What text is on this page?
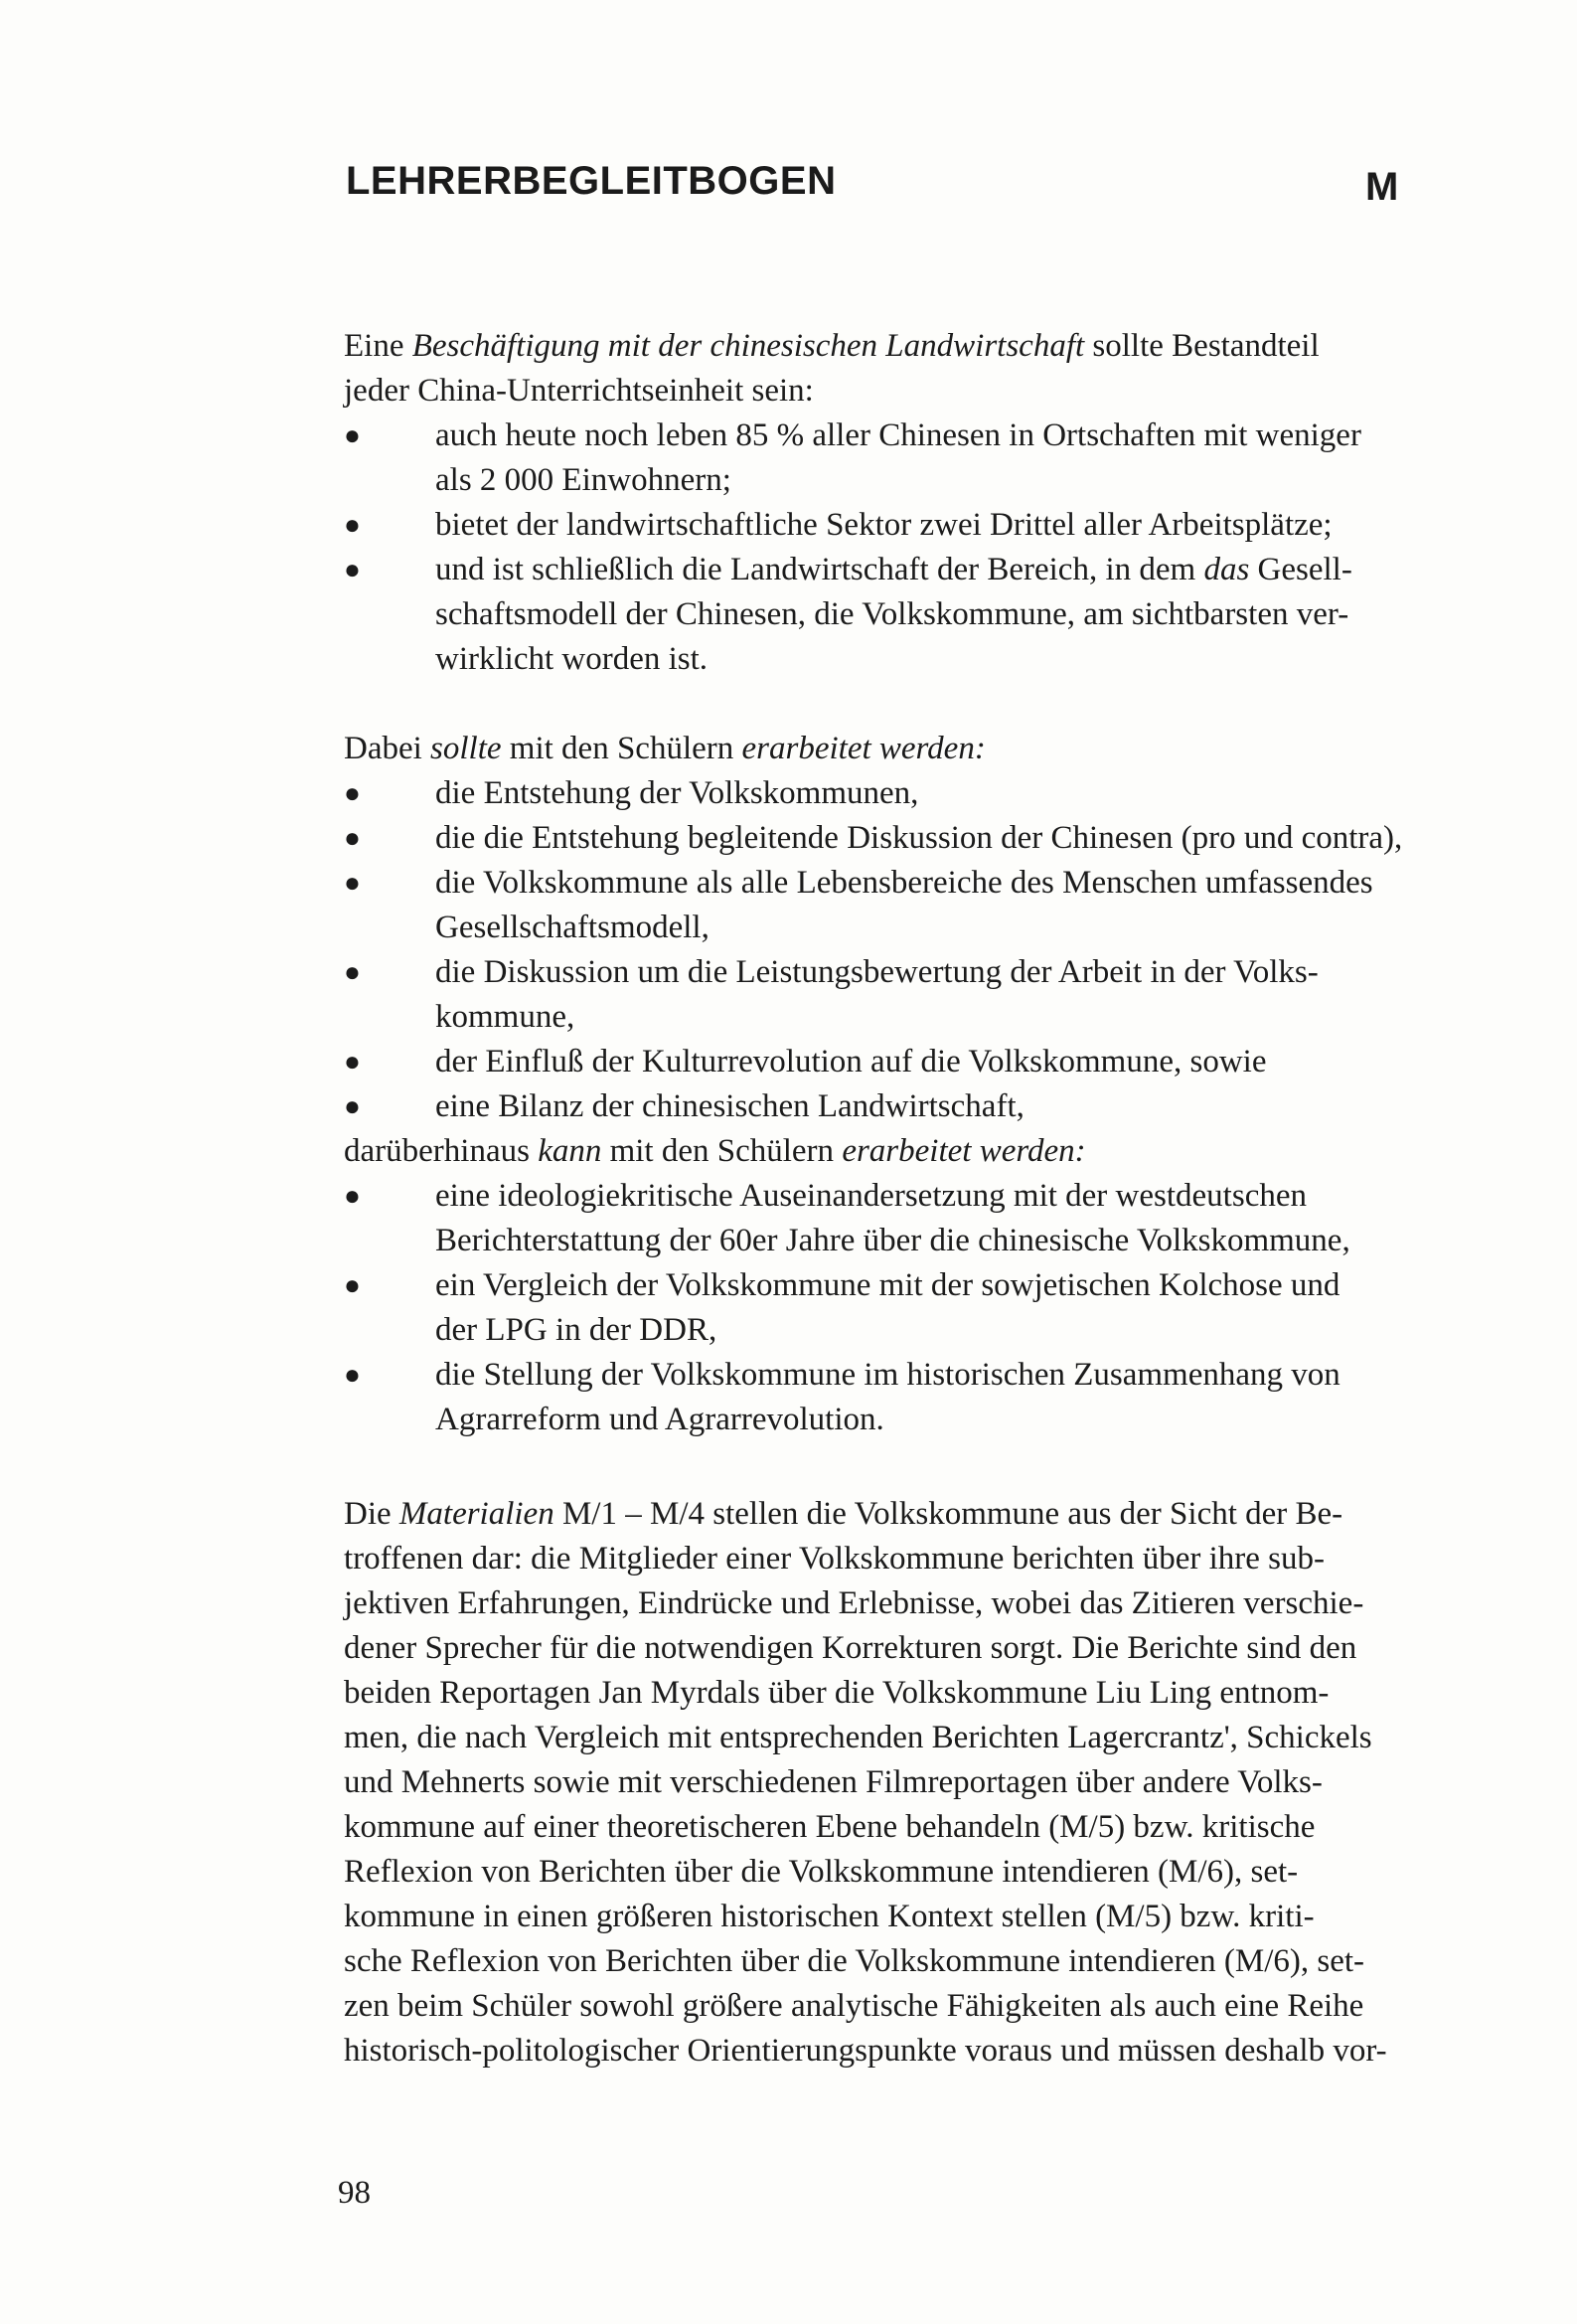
LEHRERBEGLEITBOGEN	M
Eine Beschäftigung mit der chinesischen Landwirtschaft sollte Bestandteil
jeder China-Unterrichtseinheit sein:
● auch heute noch leben 85 % aller Chinesen in Ortschaften mit weniger
als 2 000 Einwohnern;
● bietet der landwirtschaftliche Sektor zwei Drittel aller Arbeitsplätze;
● und ist schließlich die Landwirtschaft der Bereich, in dem das Gesell-
schaftsmodell der Chinesen, die Volkskommune, am sichtbarsten ver-
wirklicht worden ist.
Dabei sollte mit den Schülern erarbeitet werden:
● die Entstehung der Volkskommunen,
● die die Entstehung begleitende Diskussion der Chinesen (pro und contra),
● die Volkskommune als alle Lebensbereiche des Menschen umfassendes
Gesellschaftsmodell,
● die Diskussion um die Leistungsbewertung der Arbeit in der Volks-
kommune,
● der Einfluß der Kulturrevolution auf die Volkskommune, sowie
● eine Bilanz der chinesischen Landwirtschaft,
darüberhinaus kann mit den Schülern erarbeitet werden:
● eine ideologiekritische Auseinandersetzung mit der westdeutschen
Berichterstattung der 60er Jahre über die chinesische Volkskommune,
● ein Vergleich der Volkskommune mit der sowjetischen Kolchose und
der LPG in der DDR,
● die Stellung der Volkskommune im historischen Zusammenhang von
Agrarreform und Agrarrevolution.
Die Materialien M/1 – M/4 stellen die Volkskommune aus der Sicht der Be-
troffenen dar: die Mitglieder einer Volkskommune berichten über ihre sub-
jektiven Erfahrungen, Eindrücke und Erlebnisse, wobei das Zitieren verschie-
dener Sprecher für die notwendigen Korrekturen sorgt. Die Berichte sind den
beiden Reportagen Jan Myrdals über die Volkskommune Liu Ling entnom-
men, die nach Vergleich mit entsprechenden Berichten Lagercrantz', Schickels
und Mehnerts sowie mit verschiedenen Filmreportagen über andere Volks-
kommune auf einer theoretischeren Ebene behandeln (M/5) bzw. kritische
Reflexion von Berichten über die Volkskommune intendieren (M/6), set-
kommune in einen größeren historischen Kontext stellen (M/5) bzw. kriti-
sche Reflexion von Berichten über die Volkskommune intendieren (M/6), set-
zen beim Schüler sowohl größere analytische Fähigkeiten als auch eine Reihe
historisch-politologischer Orientierungspunkte voraus und müssen deshalb vor-
98
